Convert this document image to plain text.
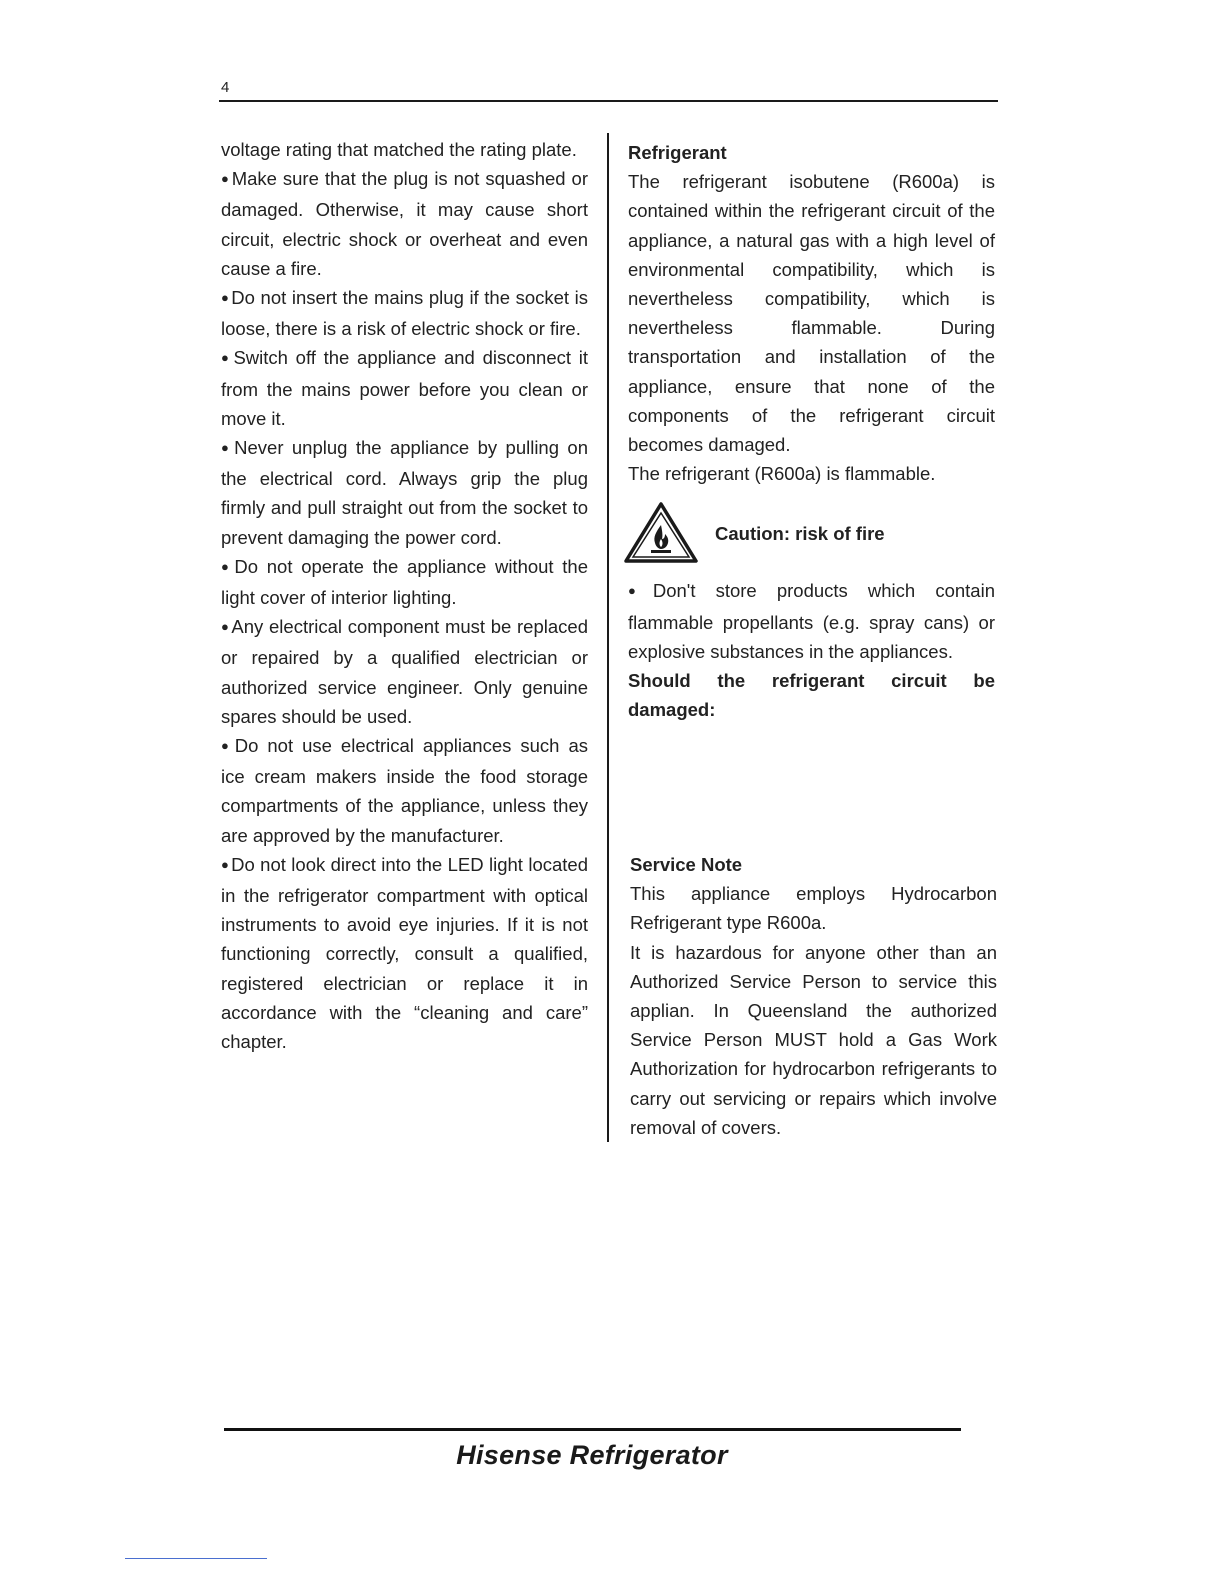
4

voltage rating that matched the rating plate.

● Make sure that the plug is not squashed or damaged. Otherwise, it may cause short circuit, electric shock or overheat and even cause a fire.

● Do not insert the mains plug if the socket is loose, there is a risk of electric shock or fire.

● Switch off the appliance and disconnect it from the mains power before you clean or move it.

● Never unplug the appliance by pulling on the electrical cord. Always grip the plug firmly and pull straight out from the socket to prevent damaging the power cord.

● Do not operate the appliance without the light cover of interior lighting.

● Any electrical component must be replaced or repaired by a qualified electrician or authorized service engineer. Only genuine spares should be used.

● Do not use electrical appliances such as ice cream makers inside the food storage compartments of the appliance, unless they are approved by the manufacturer.

● Do not look direct into the LED light located in the refrigerator compartment with optical instruments to avoid eye injuries. If it is not functioning correctly, consult a qualified, registered electrician or replace it in accordance with the “cleaning and care” chapter.

Refrigerant

The refrigerant isobutene (R600a) is contained within the refrigerant circuit of the appliance, a natural gas with a high level of environmental compatibility, which is nevertheless compatibility, which is nevertheless flammable. During transportation and installation of the appliance, ensure that none of the components of the refrigerant circuit becomes damaged.

The refrigerant (R600a) is flammable.

Caution: risk of fire

● Don't store products which contain flammable propellants (e.g. spray cans) or explosive substances in the appliances.

Should the refrigerant circuit be damaged:

Service Note

This appliance employs Hydrocarbon Refrigerant type R600a.

It is hazardous for anyone other than an Authorized Service Person to service this applian. In Queensland the authorized Service Person MUST hold a Gas Work Authorization for hydrocarbon refrigerants to carry out servicing or repairs which involve removal of covers.

Hisense Refrigerator
